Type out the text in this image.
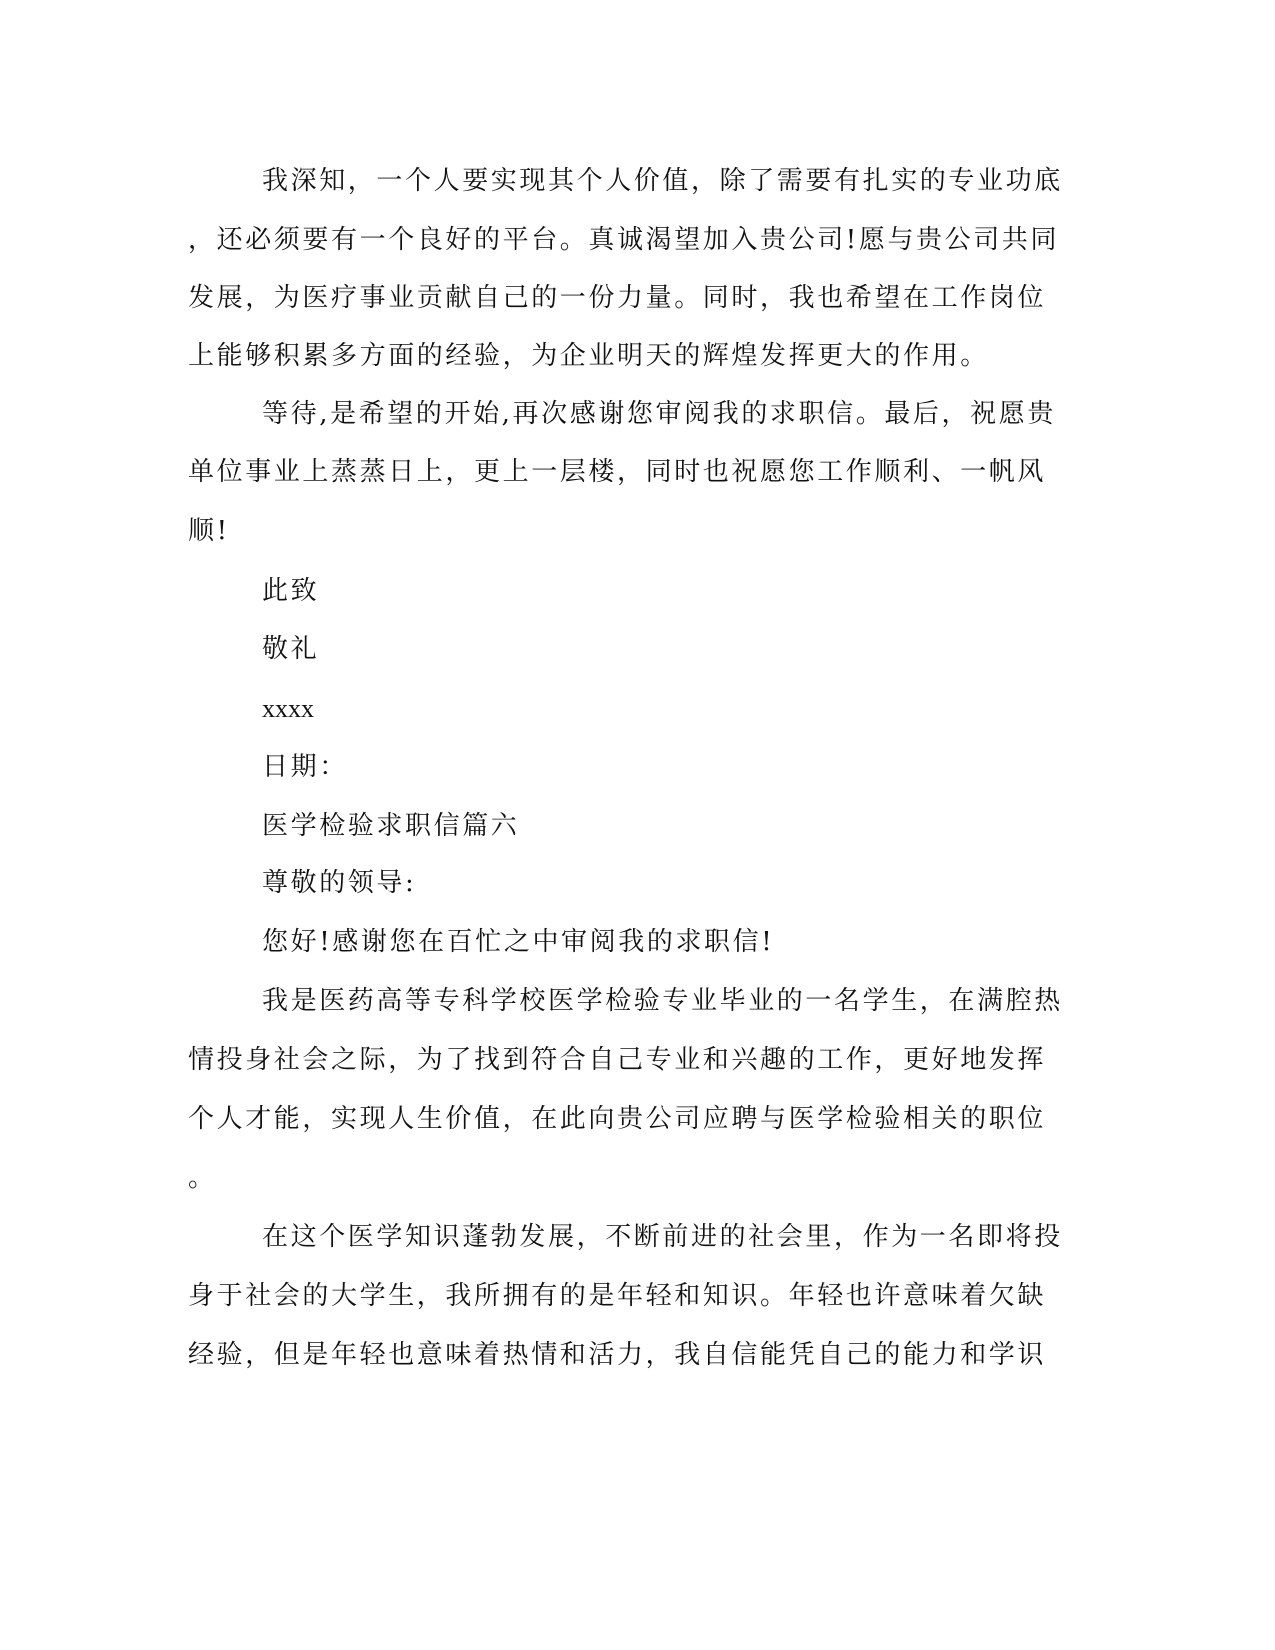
我深知，一个人要实现其个人价值，除了需要有扎实的专业功底
，还必须要有一个良好的平台。真诚渴望加入贵公司!愿与贵公司共同
发展，为医疗事业贡献自己的一份力量。同时，我也希望在工作岗位
上能够积累多方面的经验，为企业明天的辉煌发挥更大的作用。
等待,是希望的开始,再次感谢您审阅我的求职信。最后，祝愿贵
单位事业上蒸蒸日上，更上一层楼，同时也祝愿您工作顺利、一帆风
顺!
此致
敬礼
xxxx
日期：
医学检验求职信篇六
尊敬的领导:
您好!感谢您在百忙之中审阅我的求职信!
我是医药高等专科学校医学检验专业毕业的一名学生，在满腔热
情投身社会之际，为了找到符合自己专业和兴趣的工作，更好地发挥
个人才能，实现人生价值，在此向贵公司应聘与医学检验相关的职位
。
在这个医学知识蓬勃发展，不断前进的社会里，作为一名即将投
身于社会的大学生，我所拥有的是年轻和知识。年轻也许意味着欠缺
经验，但是年轻也意味着热情和活力，我自信能凭自己的能力和学识
